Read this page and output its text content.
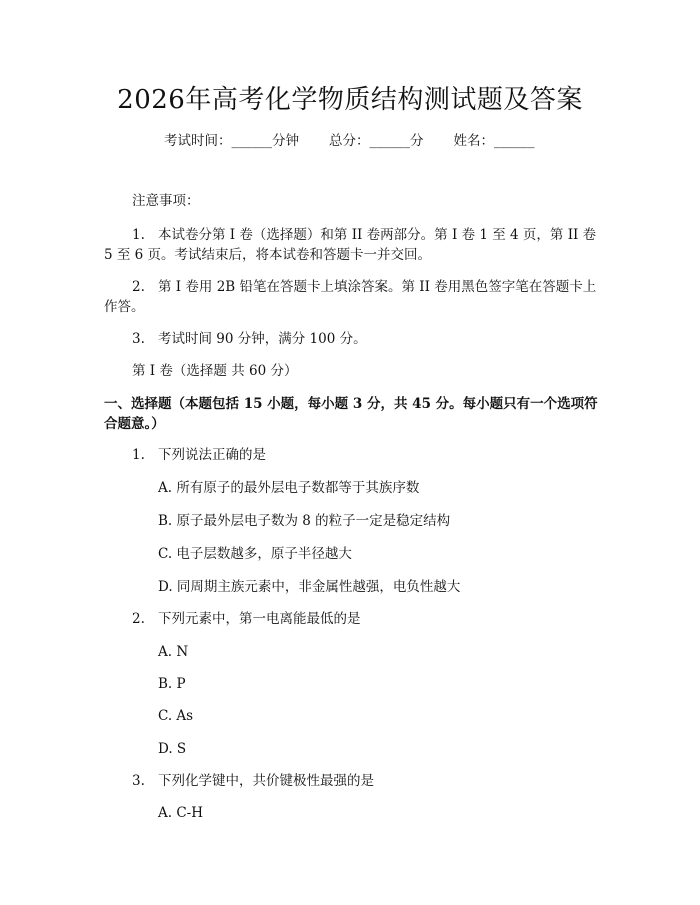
2026年高考化学物质结构测试题及答案
考试时间：______分钟 总分：______分 姓名：______
注意事项：
1. 本试卷分第 I 卷（选择题）和第 II 卷两部分。第 I 卷 1 至 4 页，第 II 卷
5 至 6 页。考试结束后，将本试卷和答题卡一并交回。
2. 第 I 卷用 2B 铅笔在答题卡上填涂答案。第 II 卷用黑色签字笔在答题卡上
作答。
3. 考试时间 90 分钟，满分 100 分。
第 I 卷（选择题 共 60 分）
一、选择题（本题包括 15 小题，每小题 3 分，共 45 分。每小题只有一个选项符
合题意。）
1. 下列说法正确的是
A. 所有原子的最外层电子数都等于其族序数
B. 原子最外层电子数为 8 的粒子一定是稳定结构
C. 电子层数越多，原子半径越大
D. 同周期主族元素中，非金属性越强，电负性越大
2. 下列元素中，第一电离能最低的是
A. N
B. P
C. As
D. S
3. 下列化学键中，共价键极性最强的是
A. C-H
